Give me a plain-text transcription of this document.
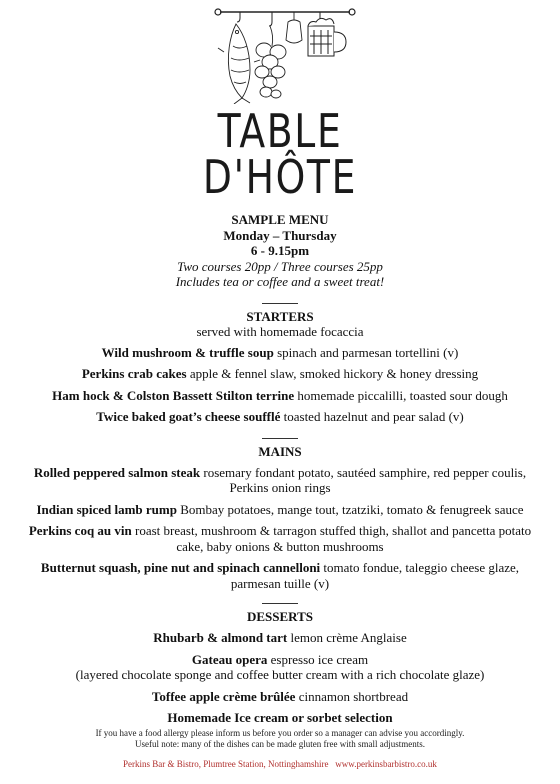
TABLE
D'HÔTE
SAMPLE MENU
Monday – Thursday
6 - 9.15pm
Two courses 20pp / Three courses 25pp
Includes tea or coffee and a sweet treat!
STARTERS
served with homemade focaccia
Wild mushroom & truffle soup spinach and parmesan tortellini (v)
Perkins crab cakes apple & fennel slaw, smoked hickory & honey dressing
Ham hock & Colston Bassett Stilton terrine homemade piccalilli, toasted sour dough
Twice baked goat’s cheese soufflé toasted hazelnut and pear salad (v)
MAINS
Rolled peppered salmon steak rosemary fondant potato, sautéed samphire, red pepper coulis, Perkins onion rings
Indian spiced lamb rump Bombay potatoes, mange tout, tzatziki, tomato & fenugreek sauce
Perkins coq au vin roast breast, mushroom & tarragon stuffed thigh, shallot and pancetta potato cake, baby onions & button mushrooms
Butternut squash, pine nut and spinach cannelloni tomato fondue, taleggio cheese glaze, parmesan tuille (v)
DESSERTS
Rhubarb & almond tart lemon crème Anglaise
Gateau opera espresso ice cream
(layered chocolate sponge and coffee butter cream with a rich chocolate glaze)
Toffee apple crème brûlée cinnamon shortbread
Homemade Ice cream or sorbet selection
If you have a food allergy please inform us before you order so a manager can advise you accordingly.
Useful note: many of the dishes can be made gluten free with small adjustments.
Perkins Bar & Bistro, Plumtree Station, Nottinghamshire   www.perkinsbarbistro.co.uk
